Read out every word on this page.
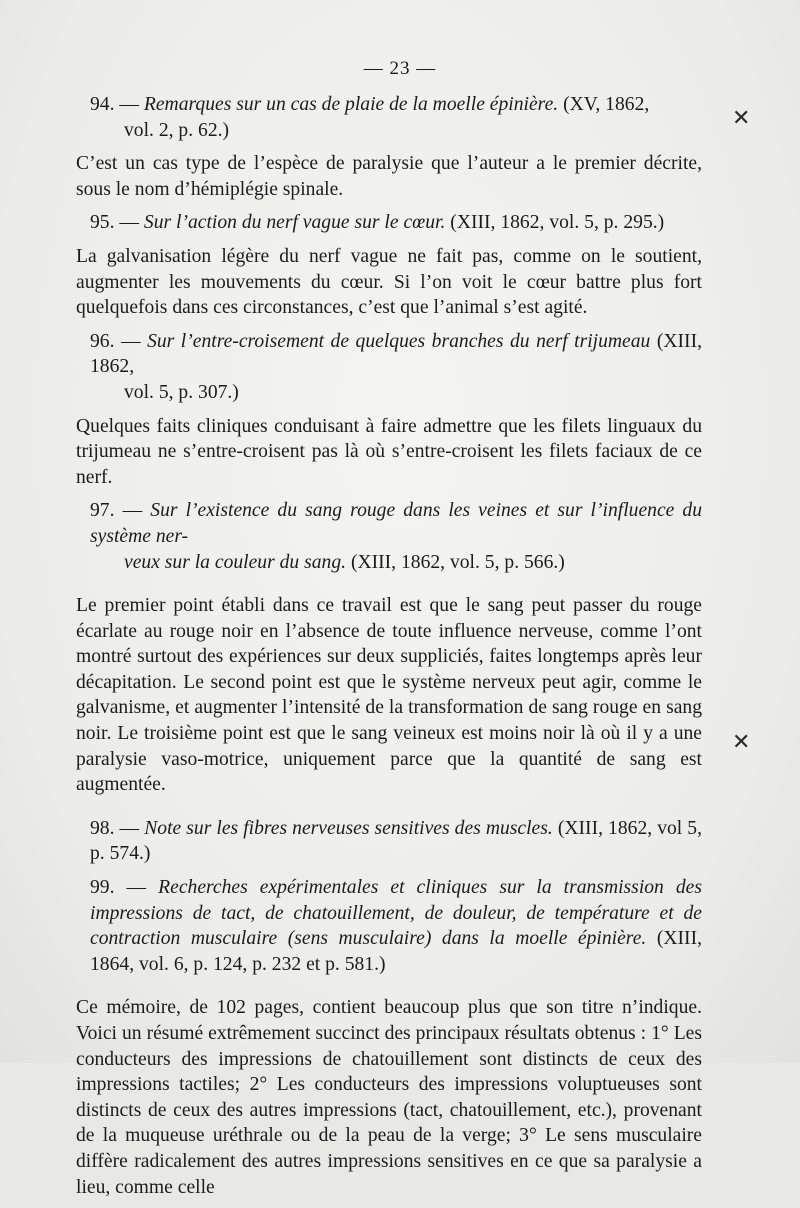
— 23 —
✕
✕
94. — Remarques sur un cas de plaie de la moelle épinière. (XV, 1862,
vol. 2, p. 62.)

C’est un cas type de l’espèce de paralysie que l’auteur a le premier décrite, sous le nom d’hémiplégie spinale.

95. — Sur l’action du nerf vague sur le cœur. (XIII, 1862, vol. 5, p. 295.)

La galvanisation légère du nerf vague ne fait pas, comme on le soutient, augmenter les mouvements du cœur. Si l’on voit le cœur battre plus fort quelquefois dans ces circonstances, c’est que l’animal s’est agité.

96. — Sur l’entre-croisement de quelques branches du nerf trijumeau (XIII, 1862,
vol. 5, p. 307.)

Quelques faits cliniques conduisant à faire admettre que les filets linguaux du trijumeau ne s’entre-croisent pas là où s’entre-croisent les filets faciaux de ce nerf.

97. — Sur l’existence du sang rouge dans les veines et sur l’influence du système ner-
veux sur la couleur du sang. (XIII, 1862, vol. 5, p. 566.)

Le premier point établi dans ce travail est que le sang peut passer du rouge écarlate au rouge noir en l’absence de toute influence nerveuse, comme l’ont montré surtout des expériences sur deux suppliciés, faites longtemps après leur décapitation. Le second point est que le système nerveux peut agir, comme le galvanisme, et augmenter l’intensité de la transformation de sang rouge en sang noir. Le troisième point est que le sang veineux est moins noir là où il y a une paralysie vaso-motrice, uniquement parce que la quantité de sang est augmentée.

98. — Note sur les fibres nerveuses sensitives des muscles. (XIII, 1862, vol 5, p. 574.)
99. — Recherches expérimentales et cliniques sur la transmission des impressions de tact, de chatouillement, de douleur, de température et de contraction musculaire (sens musculaire) dans la moelle épinière. (XIII, 1864, vol. 6, p. 124, p. 232 et p. 581.)

Ce mémoire, de 102 pages, contient beaucoup plus que son titre n’indique. Voici un résumé extrêmement succinct des principaux résultats obtenus : 1° Les conducteurs des impressions de chatouillement sont distincts de ceux des impressions tactiles; 2° Les conducteurs des impressions voluptueuses sont distincts de ceux des autres impressions (tact, chatouillement, etc.), provenant de la muqueuse uréthrale ou de la peau de la verge; 3° Le sens musculaire diffère radicalement des autres impressions sensitives en ce que sa paralysie a lieu, comme celle
